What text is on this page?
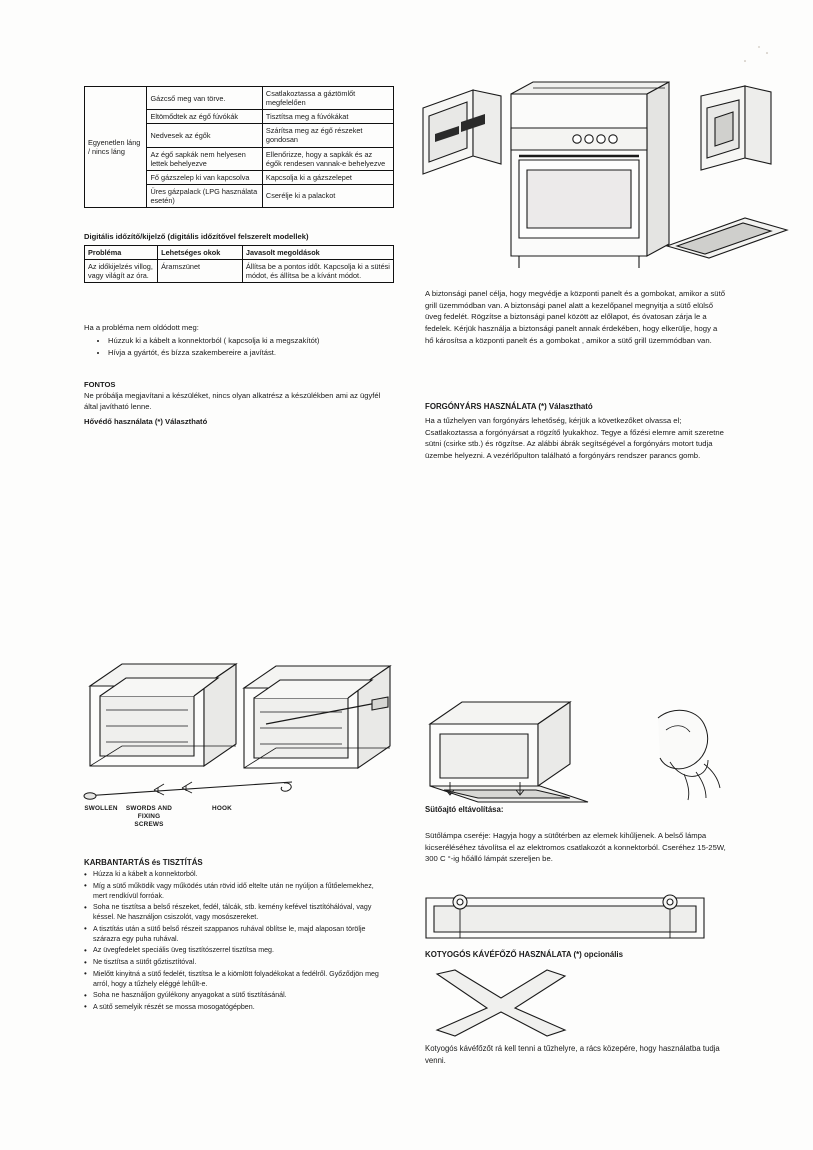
Egyenetlen láng / nincs láng	Gázcső meg van törve.	Csatlakoztassa a gáztömlőt megfelelően
	Eltömődtek az égő fúvókák	Tisztítsa meg a fúvókákat
	Nedvesek az égők	Szárítsa meg az égő részeket gondosan
	Az égő sapkák nem helyesen lettek behelyezve	Ellenőrizze, hogy a sapkák és az égők rendesen vannak-e behelyezve
	Fő gázszelep ki van kapcsolva	Kapcsolja ki a gázszelepet
	Üres gázpalack (LPG használata esetén)	Cserélje ki a palackot
Digitális időzítő/kijelző (digitális időzítővel felszerelt modellek)
Probléma	Lehetséges okok	Javasolt megoldások
Az időkijelzés villog, vagy világít az óra.	Áramszünet	Állítsa be a pontos időt. Kapcsolja ki a sütési módot, és állítsa be a kívánt módot.
Ha a probléma nem oldódott meg:
• Húzzuk ki a kábelt a konnektorból ( kapcsolja ki a megszakítót)
• Hívja a gyártót, és bízza szakembereire a javítást.
FONTOS
Ne próbálja megjavítani a készüléket, nincs olyan alkatrész a készülékben ami az ügyfél által javítható lenne.
Hővédő használata (*) Választható
A biztonsági panel célja, hogy megvédje a központi panelt és a gombokat, amikor a sütő grill üzemmódban van. A biztonsági panel alatt a kezelőpanel megnyitja a sütő elülső üveg fedelét. Rögzítse a biztonsági panel között az előlapot, és óvatosan zárja le a fedelek. Kérjük használja a biztonsági panelt annak érdekében, hogy elkerülje, hogy a hő károsítsa a központi panelt és a gombokat , amikor a sütő grill üzemmódban van.
FORGÓNYÁRS HASZNÁLATA (*) Választható
Ha a tűzhelyen van forgónyárs lehetőség, kérjük a következőket olvassa el; Csatlakoztassa a forgónyársat a rögzítő lyukakhoz. Tegye a főzési elemre amit szeretne sütni (csirke stb.) és rögzítse. Az alábbi ábrák segítségével a forgónyárs motort tudja üzembe helyezni. A vezérlőpulton található a forgónyárs rendszer parancs gomb.
SWOLLEN	SWORDS AND FIXING SCREWS
HOOK
KARBANTARTÁS és TISZTÍTÁS
• Húzza ki a kábelt a konnektorból.
• Míg a sütő működik vagy működés után rövid idő eltelte után ne nyúljon a fűtőelemekhez, mert rendkívül forróak.
• Soha ne tisztítsa a belső részeket, fedél, tálcák, stb. kemény kefével tisztítóhálóval, vagy késsel. Ne használjon csiszolót, vagy mosószereket.
• A tisztítás után a sütő belső részeit szappanos ruhával öblítse le, majd alaposan törölje szárazra egy puha ruhával.
• Az üvegfedelet speciális üveg tisztítószerrel tisztítsa meg.
• Ne tisztítsa a sütőt gőztisztítóval.
• Mielőtt kinyitná a sütő fedelét, tisztítsa le a kiömlött folyadékokat a fedélről. Győződjön meg arról, hogy a tűzhely eléggé lehűlt-e.
• Soha ne használjon gyúlékony anyagokat a sütő tisztításánál.
• A sütő semelyik részét se mossa mosogatógépben.
Sütőajtó eltávolítása:
Sütőlámpa cseréje: Hagyja hogy a sütőtérben az elemek kihűljenek. A belső lámpa kicseréléséhez távolítsa el az elektromos csatlakozót a konnektorból. Cseréhez 15-25W, 300 C °-ig hőálló lámpát szereljen be.
KOTYOGÓS KÁVÉFŐZŐ HASZNÁLATA (*) opcionális
Kotyogós kávéfőzőt rá kell tenni a tűzhelyre, a rács közepére, hogy használatba tudja venni.
